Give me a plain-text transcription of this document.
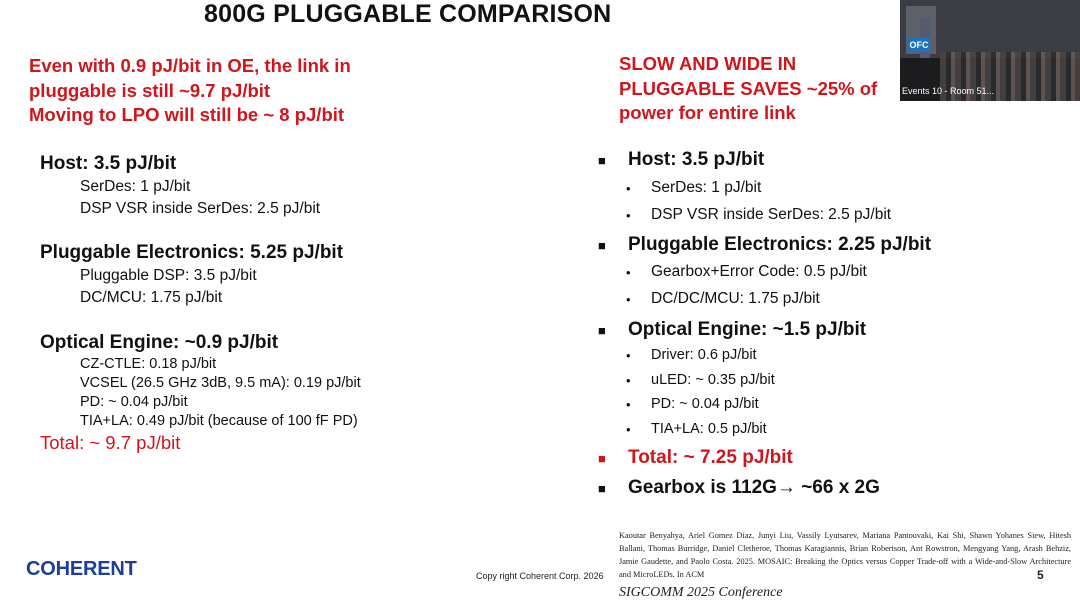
800G PLUGGABLE COMPARISON
Even with 0.9 pJ/bit in OE, the link in
pluggable is still ~9.7 pJ/bit
Moving to LPO will still be ~ 8 pJ/bit
Host: 3.5 pJ/bit
SerDes: 1 pJ/bit
DSP VSR inside SerDes: 2.5 pJ/bit
Pluggable Electronics: 5.25 pJ/bit
Pluggable DSP: 3.5 pJ/bit
DC/MCU: 1.75 pJ/bit
Optical Engine: ~0.9 pJ/bit
CZ-CTLE: 0.18 pJ/bit
VCSEL (26.5 GHz 3dB, 9.5 mA): 0.19 pJ/bit
PD: ~ 0.04 pJ/bit
TIA+LA: 0.49 pJ/bit (because of 100 fF PD)
Total: ~ 9.7 pJ/bit
SLOW AND WIDE IN
PLUGGABLE SAVES ~25% of
power for entire link
■	Host: 3.5 pJ/bit
•	SerDes: 1 pJ/bit
•	DSP VSR inside SerDes: 2.5 pJ/bit
■	Pluggable Electronics: 2.25 pJ/bit
•	Gearbox+Error Code: 0.5 pJ/bit
•	DC/DC/MCU: 1.75 pJ/bit
■	Optical Engine: ~1.5 pJ/bit
•	Driver: 0.6 pJ/bit
•	uLED: ~ 0.35 pJ/bit
•	PD: ~ 0.04 pJ/bit
•	TIA+LA: 0.5 pJ/bit
■	Total: ~ 7.25 pJ/bit
■	Gearbox is 112G→ ~66 x 2G
OFC
Events 10 - Room 51...
COHERENT	Copy right Coherent Corp. 2026
Kaoutar Benyahya, Ariel Gomez Diaz, Junyi Liu, Vassily Lyutsarev, Mariana Pantouvaki, Kai Shi, Shawn Yohanes Siew, Hitesh Ballani, Thomas Burridge, Daniel Cletheroe, Thomas Karagiannis, Brian Robertson, Ant Rowstron, Mengyang Yang, Arash Behziz, Jamie Gaudette, and Paolo Costa. 2025. MOSAIC: Breaking the Optics versus Copper Trade-off with a Wide-and-Slow Architecture and MicroLEDs. In ACM
SIGCOMM 2025 Conference
5
